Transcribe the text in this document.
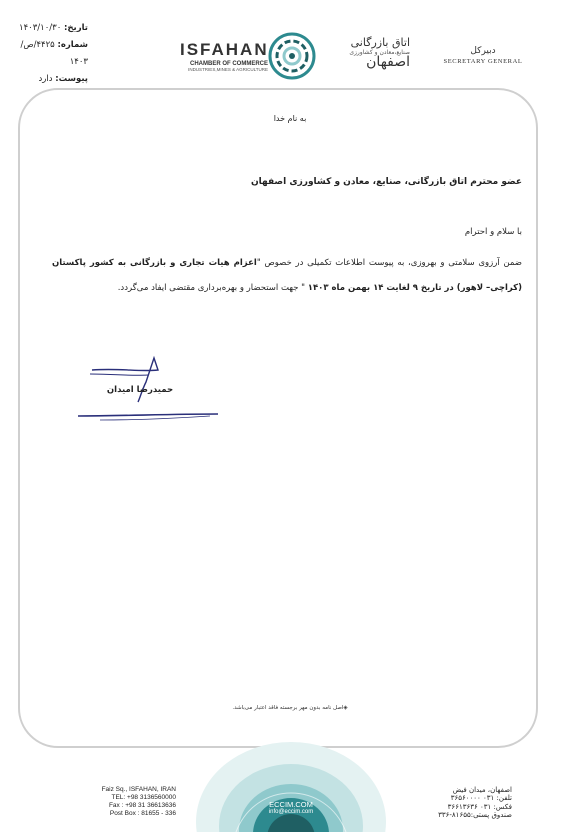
تاریخ: ۱۴۰۳/۱۰/۳۰
شماره: ۴۴۲۵/ص/۱۴۰۳
پیوست: دارد
ISFAHAN
CHAMBER OF COMMERCE
INDUSTRIES,MINES & AGRICULTURE
اتاق بازرگانی
صنایع،معادن و کشاورزی
اصفهان
دبیرکل
SECRETARY GENERAL
به نام خدا
عضو محترم اتاق بازرگانی، صنایع، معادن و کشاورزی اصفهان
با سلام و احترام
ضمن آرزوی سلامتی و بهروزی، به پیوست اطلاعات تکمیلی در خصوص "اعزام هیات تجاری و بازرگانی به کشور پاکستان (کراچی– لاهور) در تاریخ ۹ لغایت ۱۴ بهمن ماه ۱۴۰۳ " جهت استحضار و بهره‌برداری مقتضی ایفاد می‌گردد.
حمیدرضا امیدان
◈اصل نامه بدون مهر برجسته فاقد اعتبار می‌باشد.
ECCIM.COM
info@eccim.com
Faiz Sq., ISFAHAN, IRAN
TEL: +98 3136560000
Fax : +98 31 36613636
Post Box : 81655 - 336
اصفهان، میدان فیض
تلفن: ۰۳۱ ۳۶۵۶۰۰۰۰
فکس: ۰۳۱ ۳۶۶۱۳۶۳۶
صندوق پستی:۸۱۶۵۵-۳۳۶
